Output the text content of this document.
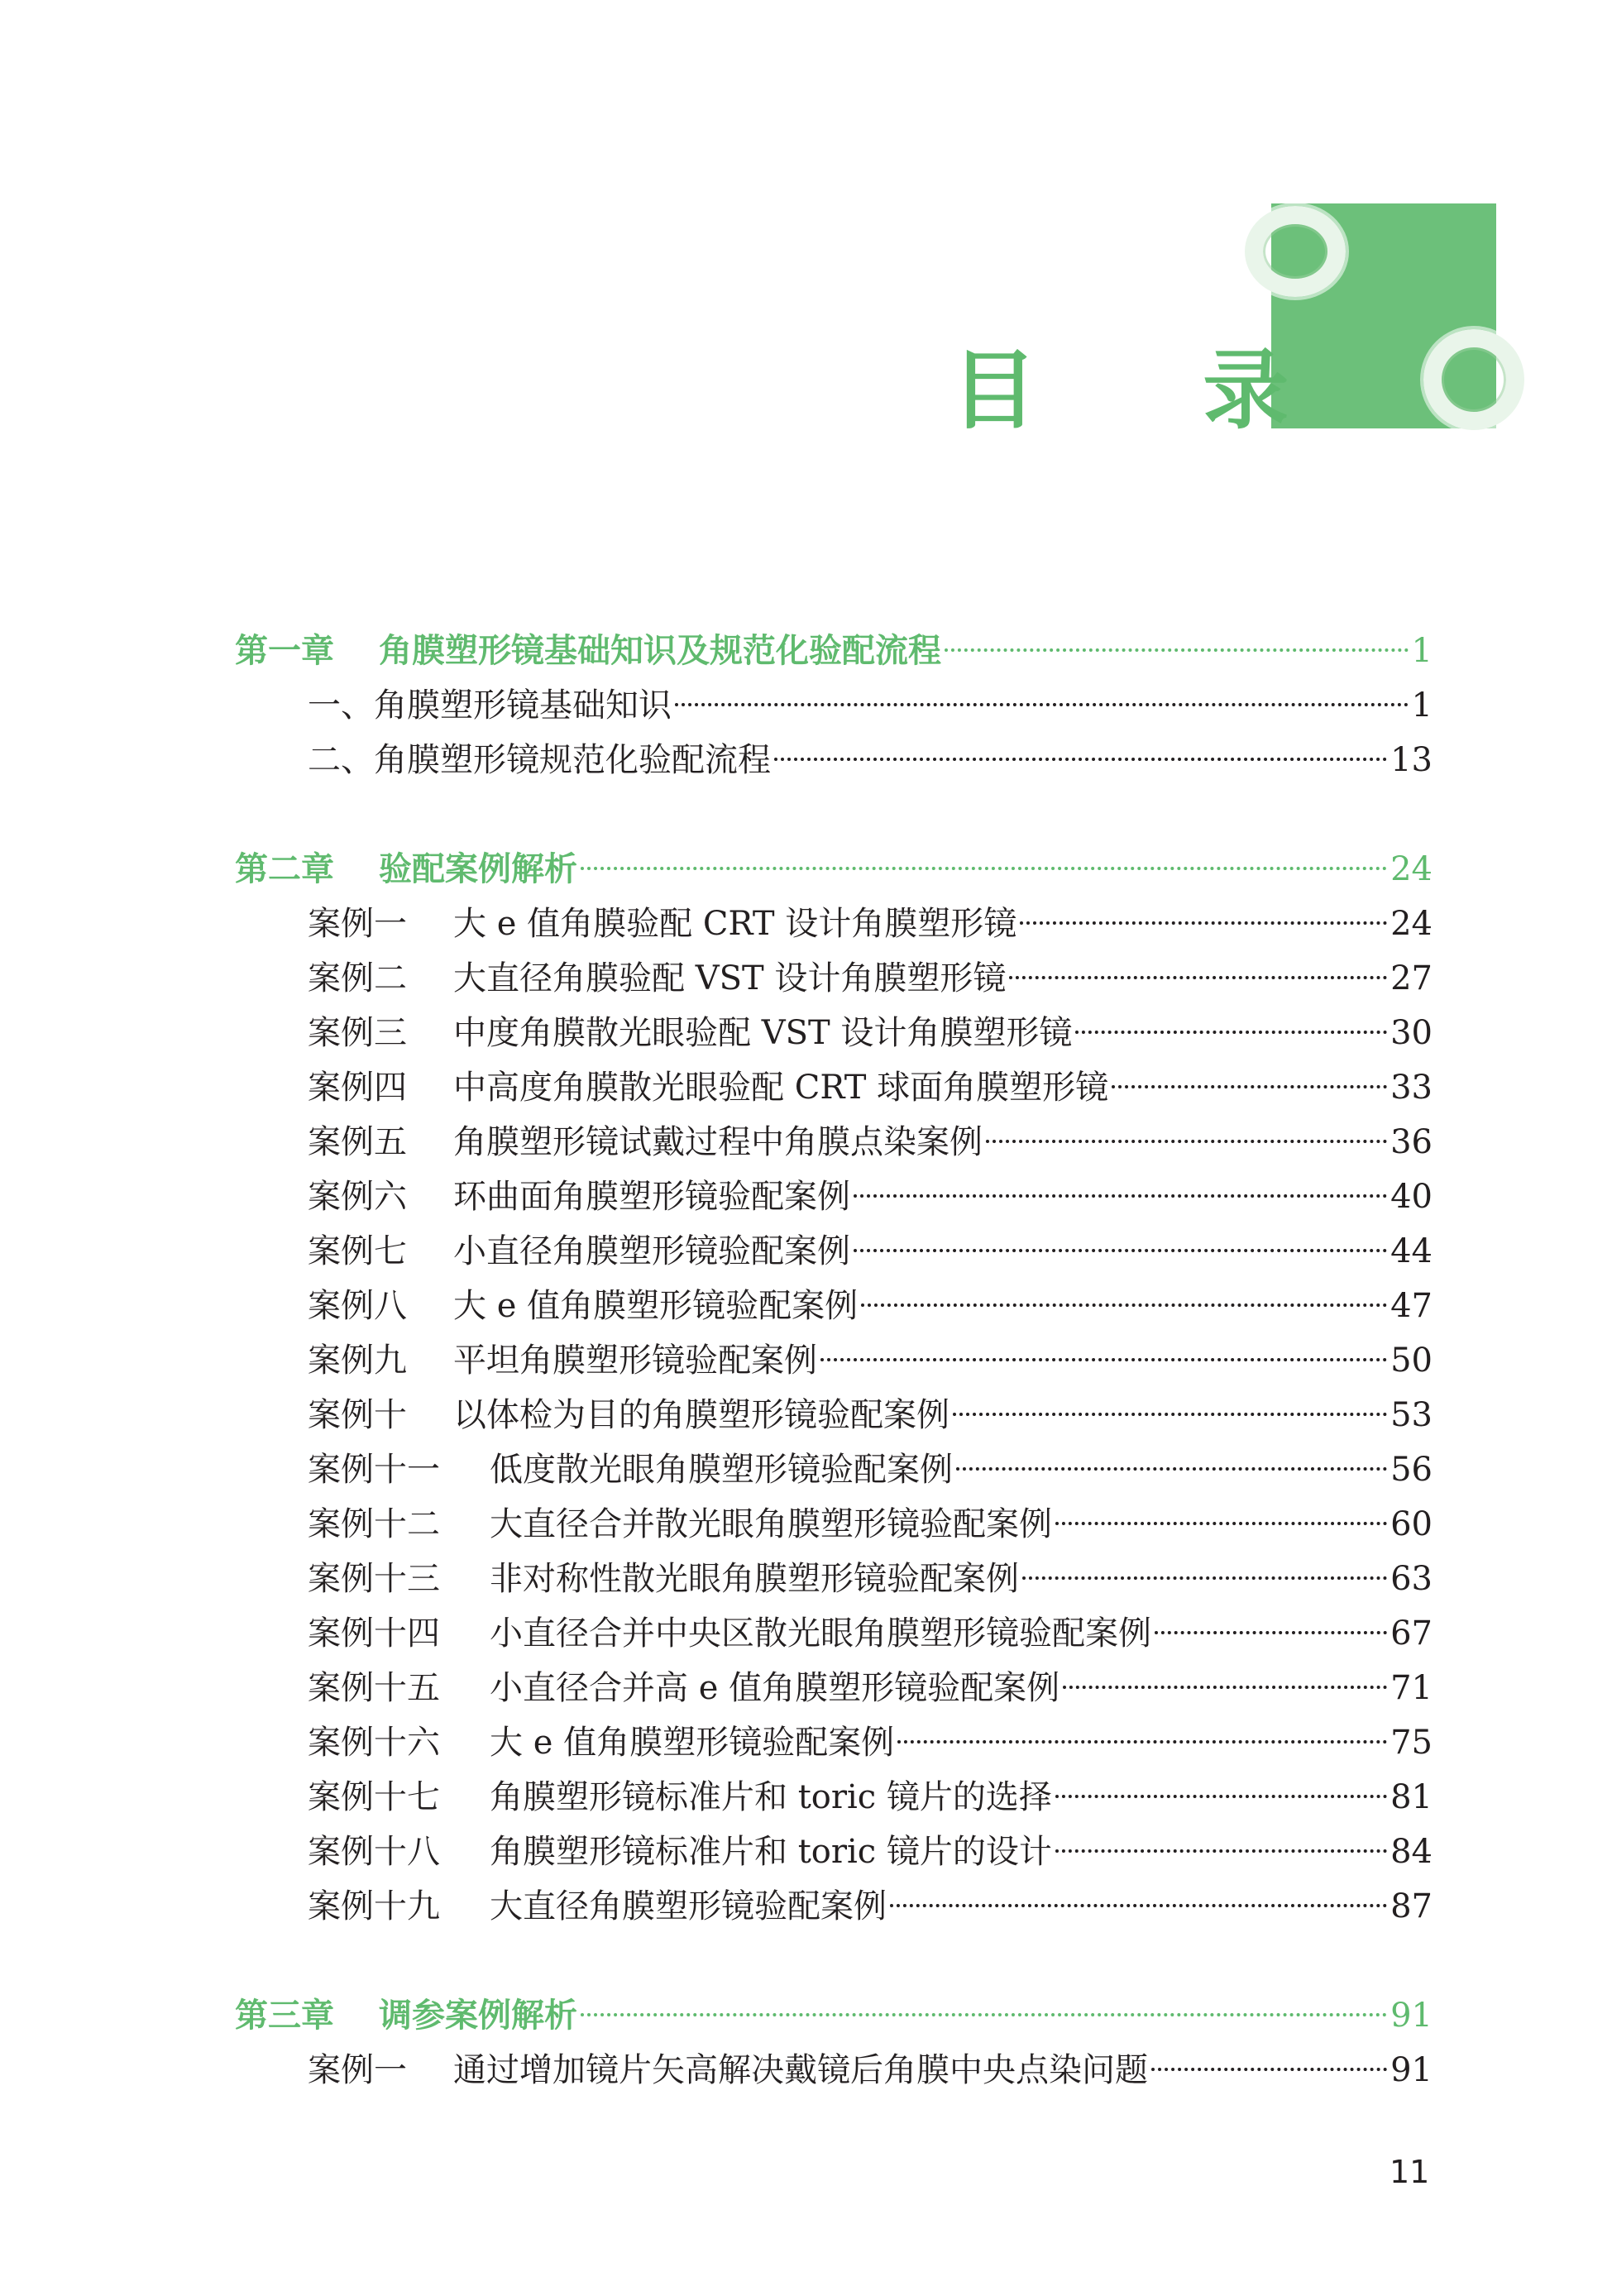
目 录
第一章	角膜塑形镜基础知识及规范化验配流程	1
一、 角膜塑形镜基础知识	1
二、 角膜塑形镜规范化验配流程	13
第二章	验配案例解析	24
案例一	大 e 值角膜验配 CRT 设计角膜塑形镜	24
案例二	大直径角膜验配 VST 设计角膜塑形镜	27
案例三	中度角膜散光眼验配 VST 设计角膜塑形镜	30
案例四	中高度角膜散光眼验配 CRT 球面角膜塑形镜	33
案例五	角膜塑形镜试戴过程中角膜点染案例	36
案例六	环曲面角膜塑形镜验配案例	40
案例七	小直径角膜塑形镜验配案例	44
案例八	大 e 值角膜塑形镜验配案例	47
案例九	平坦角膜塑形镜验配案例	50
案例十	以体检为目的角膜塑形镜验配案例	53
案例十一	低度散光眼角膜塑形镜验配案例	56
案例十二	大直径合并散光眼角膜塑形镜验配案例	60
案例十三	非对称性散光眼角膜塑形镜验配案例	63
案例十四	小直径合并中央区散光眼角膜塑形镜验配案例	67
案例十五	小直径合并高 e 值角膜塑形镜验配案例	71
案例十六	大 e 值角膜塑形镜验配案例	75
案例十七	角膜塑形镜标准片和 toric 镜片的选择	81
案例十八	角膜塑形镜标准片和 toric 镜片的设计	84
案例十九	大直径角膜塑形镜验配案例	87
第三章	调参案例解析	91
案例一	通过增加镜片矢高解决戴镜后角膜中央点染问题	91
11
